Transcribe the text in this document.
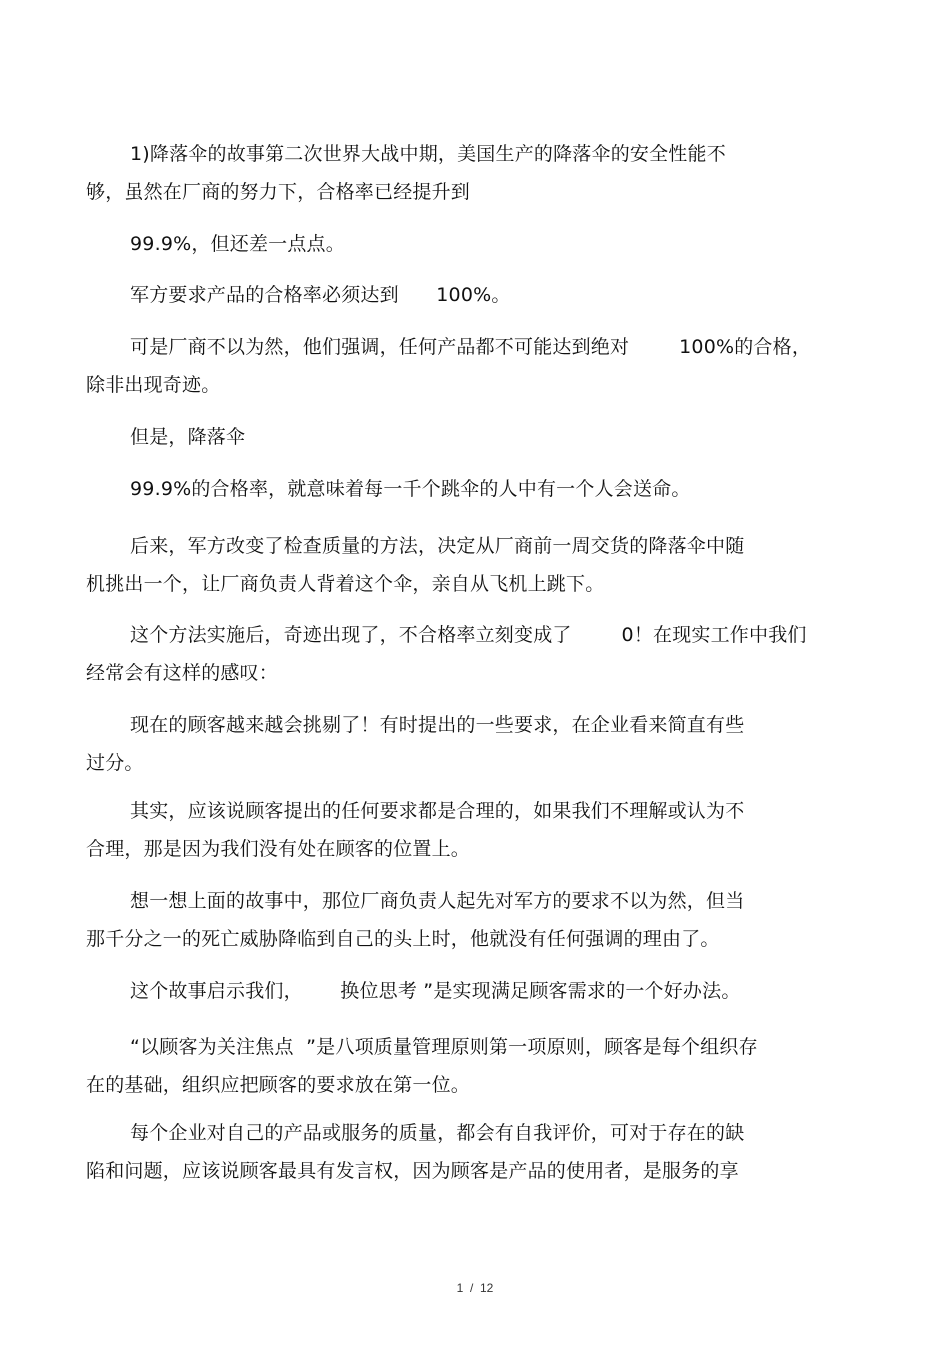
1)降落伞的故事第二次世界大战中期，美国生产的降落伞的安全性能不
够，虽然在厂商的努力下，合格率已经提升到
99.9%，但还差一点点。
军方要求产品的合格率必须达到      100%。
可是厂商不以为然，他们强调，任何产品都不可能达到绝对        100%的合格，
除非出现奇迹。
但是，降落伞
99.9%的合格率，就意味着每一千个跳伞的人中有一个人会送命。
后来，军方改变了检查质量的方法，决定从厂商前一周交货的降落伞中随
机挑出一个，让厂商负责人背着这个伞，亲自从飞机上跳下。
这个方法实施后，奇迹出现了，不合格率立刻变成了        0！在现实工作中我们
经常会有这样的感叹：
现在的顾客越来越会挑剔了！有时提出的一些要求，在企业看来简直有些
过分。
其实，应该说顾客提出的任何要求都是合理的，如果我们不理解或认为不
合理，那是因为我们没有处在顾客的位置上。
想一想上面的故事中，那位厂商负责人起先对军方的要求不以为然，但当
那千分之一的死亡威胁降临到自己的头上时，他就没有任何强调的理由了。
这个故事启示我们，      换位思考 ”是实现满足顾客需求的一个好办法。
“以顾客为关注焦点  ”是八项质量管理原则第一项原则，顾客是每个组织存
在的基础，组织应把顾客的要求放在第一位。
每个企业对自己的产品或服务的质量，都会有自我评价，可对于存在的缺
陷和问题，应该说顾客最具有发言权，因为顾客是产品的使用者，是服务的享
1  /  12
